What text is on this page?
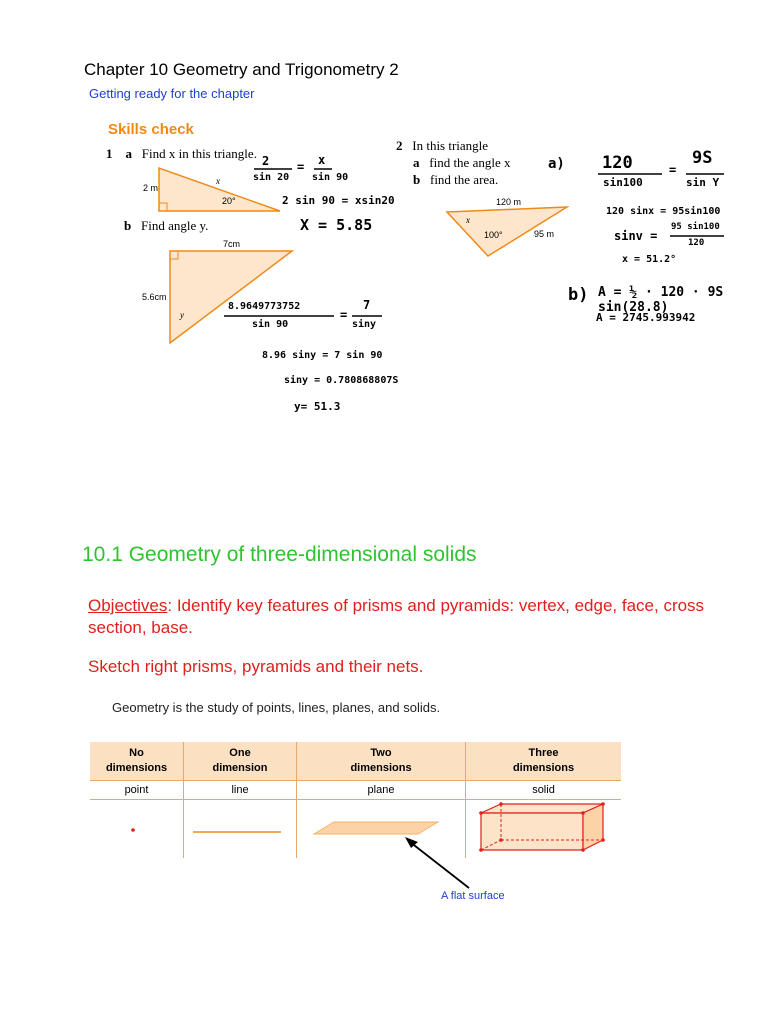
Chapter 10 Geometry and Trigonometry 2
Getting ready for the chapter
Skills check
1 a Find x in this triangle.
b Find angle y.
2 In this triangle
a find the angle x
b find the area.
2 m
x
20°
7cm
5.6cm
y
120 m
x
100°	95 m
2
sin 20
= x
sin 90
2 sin 90 = xsin20
X = 5.85
8.9649773752
sin 90
=
7
siny
8.96 siny = 7 sin 90
siny = 0.780868807S
y= 51.3
a) 120
sin100
=
9S
sin Y
120 sinx = 95sin100
sinv =
95 sin100
120
x = 51.2°
b) A = ½ · 120 · 9S sin(28.8)
A = 2745.993942
10.1 Geometry of three-dimensional solids
Objectives: Identify key features of prisms and pyramids: vertex, edge, face, cross section, base.
Sketch right prisms, pyramids and their nets.
Geometry is the study of points, lines, planes, and solids.
No
dimensions	One
dimension	Two
dimensions	Three
dimensions
point	line	plane	solid

A flat surface
